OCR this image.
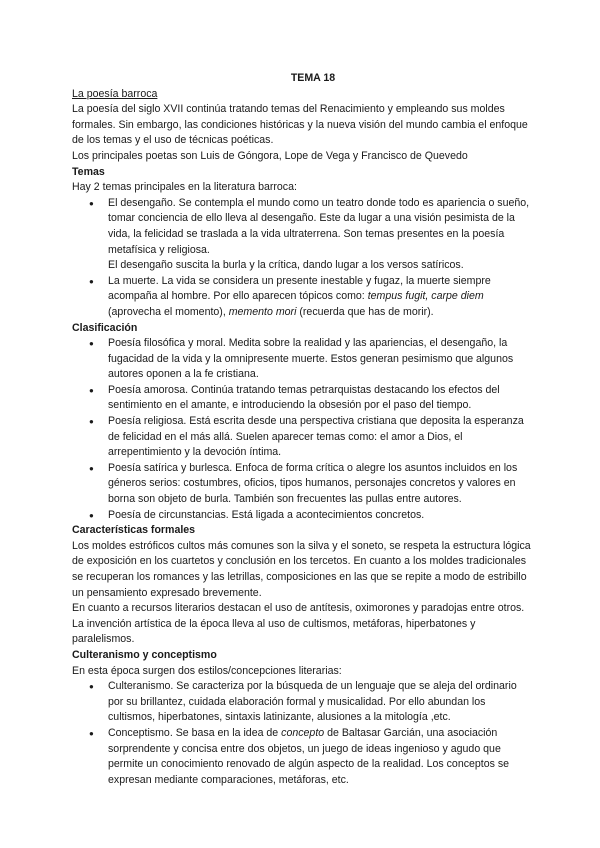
TEMA 18

La poesía barroca

La poesía del siglo XVII continúa tratando temas del Renacimiento y empleando sus moldes formales. Sin embargo, las condiciones históricas y la nueva visión del mundo cambia el enfoque de los temas y el uso de técnicas poéticas.

Los principales poetas son Luis de Góngora, Lope de Vega y Francisco de Quevedo

Temas

Hay 2 temas principales en la literatura barroca:

● El desengaño. Se contempla el mundo como un teatro donde todo es apariencia o sueño, tomar conciencia de ello lleva al desengaño. Este da lugar a una visión pesimista de la vida, la felicidad se traslada a la vida ultraterrena. Son temas presentes en la poesía metafísica y religiosa.
El desengaño suscita la burla y la crítica, dando lugar a los versos satíricos.
● La muerte. La vida se considera un presente inestable y fugaz, la muerte siempre acompaña al hombre. Por ello aparecen tópicos como: tempus fugit, carpe diem (aprovecha el momento), memento mori (recuerda que has de morir).
Clasificación
● Poesía filosófica y moral. Medita sobre la realidad y las apariencias, el desengaño, la fugacidad de la vida y la omnipresente muerte. Estos generan pesimismo que algunos autores oponen a la fe cristiana.
● Poesía amorosa. Continúa tratando temas petrarquistas destacando los efectos del sentimiento en el amante, e introduciendo la obsesión por el paso del tiempo.
● Poesía religiosa. Está escrita desde una perspectiva cristiana que deposita la esperanza de felicidad en el más allá. Suelen aparecer temas como: el amor a Dios, el arrepentimiento y la devoción íntima.
● Poesía satírica y burlesca. Enfoca de forma crítica o alegre los asuntos incluidos en los géneros serios: costumbres, oficios, tipos humanos, personajes concretos y valores en borna son objeto de burla. También son frecuentes las pullas entre autores.
● Poesía de circunstancias. Está ligada a acontecimientos concretos.
Características formales

Los moldes estróficos cultos más comunes son la silva y el soneto, se respeta la estructura lógica de exposición en los cuartetos y conclusión en los tercetos. En cuanto a los moldes tradicionales se recuperan los romances y las letrillas, composiciones en las que se repite a modo de estribillo un pensamiento expresado brevemente.

En cuanto a recursos literarios destacan el uso de antítesis, oximorones y paradojas entre otros. La invención artística de la época lleva al uso de cultismos, metáforas, hiperbatones y paralelismos.

Culteranismo y conceptismo

En esta época surgen dos estilos/concepciones literarias:

● Culteranismo. Se caracteriza por la búsqueda de un lenguaje que se aleja del ordinario por su brillantez, cuidada elaboración formal y musicalidad. Por ello abundan los cultismos, hiperbatones, sintaxis latinizante, alusiones a la mitología ,etc.
● Conceptismo. Se basa en la idea de concepto de Baltasar Garcián, una asociación sorprendente y concisa entre dos objetos, un juego de ideas ingenioso y agudo que permite un conocimiento renovado de algún aspecto de la realidad. Los conceptos se expresan mediante comparaciones, metáforas, etc.
